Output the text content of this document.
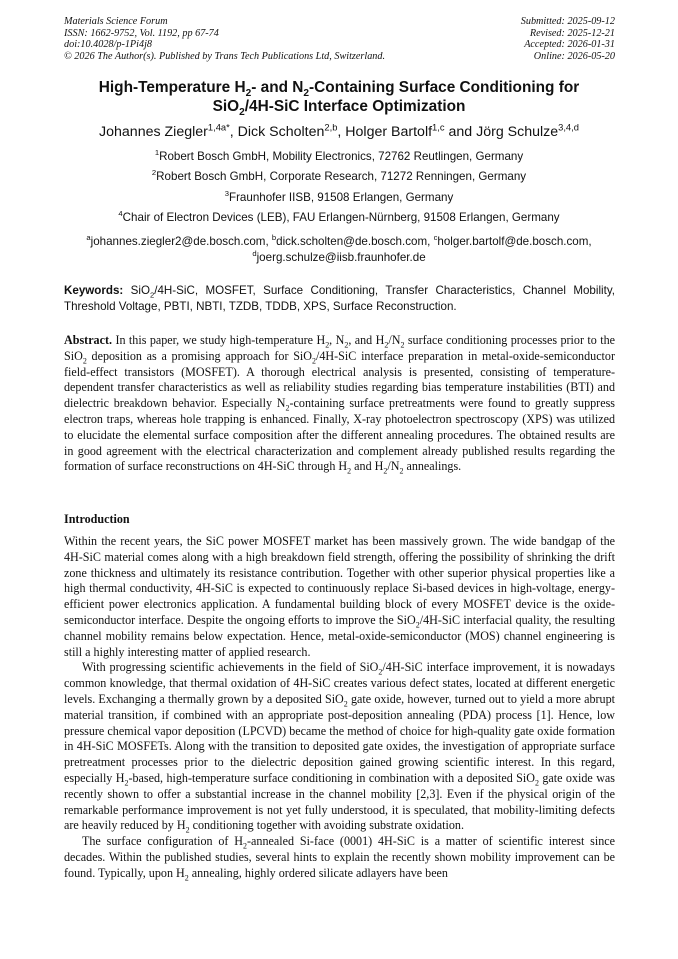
Materials Science Forum
ISSN: 1662-9752, Vol. 1192, pp 67-74
doi:10.4028/p-1Pi4j8
© 2026 The Author(s). Published by Trans Tech Publications Ltd, Switzerland.
Submitted: 2025-09-12
Revised: 2025-12-21
Accepted: 2026-01-31
Online: 2026-05-20
High-Temperature $H_2-$ and $N_2$-Containing Surface Conditioning for
SiO$_2$/4H-SiC Interface Optimization
Johannes Ziegler$^{1,4a*}$, Dick Scholten$^{2,b}$, Holger Bartolf$^{1,c}$ and Jörg Schulze$^{3,4,d}$
$^1$Robert Bosch GmbH, Mobility Electronics, 72762 Reutlingen, Germany
$^2$Robert Bosch GmbH, Corporate Research, 71272 Renningen, Germany
$^3$Fraunhofer IISB, 91508 Erlangen, Germany
$^4$Chair of Electron Devices (LEB), FAU Erlangen-Nürnberg, 91508 Erlangen, Germany
$^a$johannes.ziegler2@de.bosch.com, $^b$dick.scholten@de.bosch.com, $^c$holger.bartolf@de.bosch.com,
$^d$joerg.schulze@iisb.fraunhofer.de
Keywords: SiO$_2$/4H-SiC, MOSFET, Surface Conditioning, Transfer Characteristics, Channel Mobility, Threshold Voltage, PBTI, NBTI, TZDB, TDDB, XPS, Surface Reconstruction.
Abstract. In this paper, we study high-temperature $H_2$, $N_2$, and $H_2/N_2$ surface conditioning processes prior to the SiO$_2$ deposition as a promising approach for SiO$_2$/4H-SiC interface preparation in metal-oxide-semiconductor field-effect transistors (MOSFET). A thorough electrical analysis is presented, consisting of temperature-dependent transfer characteristics as well as reliability studies regarding bias temperature instabilities (BTI) and dielectric breakdown behavior. Especially $N_2$-containing surface pretreatments were found to greatly suppress electron traps, whereas hole trapping is enhanced. Finally, X-ray photoelectron spectroscopy (XPS) was utilized to elucidate the elemental surface composition after the different annealing procedures. The obtained results are in good agreement with the electrical characterization and complement already published results regarding the formation of surface reconstructions on 4H-SiC through $H_2$ and $H_2/N_2$ annealings.
Introduction

Within the recent years, the SiC power MOSFET market has been massively grown. The wide bandgap of the 4H-SiC material comes along with a high breakdown field strength, offering the possibility of shrinking the drift zone thickness and ultimately its resistance contribution. Together with other superior physical properties like a high thermal conductivity, 4H-SiC is expected to continuously replace Si-based devices in high-voltage, energy-efficient power electronics application. A fundamental building block of every MOSFET device is the oxide-semiconductor interface. Despite the ongoing efforts to improve the SiO$_2$/4H-SiC interfacial quality, the resulting channel mobility remains below expectation. Hence, metal-oxide-semiconductor (MOS) channel engineering is still a highly interesting matter of applied research.

With progressing scientific achievements in the field of SiO$_2$/4H-SiC interface improvement, it is nowadays common knowledge, that thermal oxidation of 4H-SiC creates various defect states, located at different energetic levels. Exchanging a thermally grown by a deposited SiO$_2$ gate oxide, however, turned out to yield a more abrupt material transition, if combined with an appropriate post-deposition annealing (PDA) process [1]. Hence, low pressure chemical vapor deposition (LPCVD) became the method of choice for high-quality gate oxide formation in 4H-SiC MOSFETs. Along with the transition to deposited gate oxides, the investigation of appropriate surface pretreatment processes prior to the dielectric deposition gained growing scientific interest. In this regard, especially $H_2$-based, high-temperature surface conditioning in combination with a deposited SiO$_2$ gate oxide was recently shown to offer a substantial increase in the channel mobility [2,3]. Even if the physical origin of the remarkable performance improvement is not yet fully understood, it is speculated, that mobility-limiting defects are heavily reduced by $H_2$ conditioning together with avoiding substrate oxidation.

The surface configuration of $H_2$-annealed Si-face (0001) 4H-SiC is a matter of scientific interest since decades. Within the published studies, several hints to explain the recently shown mobility improvement can be found. Typically, upon $H_2$ annealing, highly ordered silicate adlayers have been
